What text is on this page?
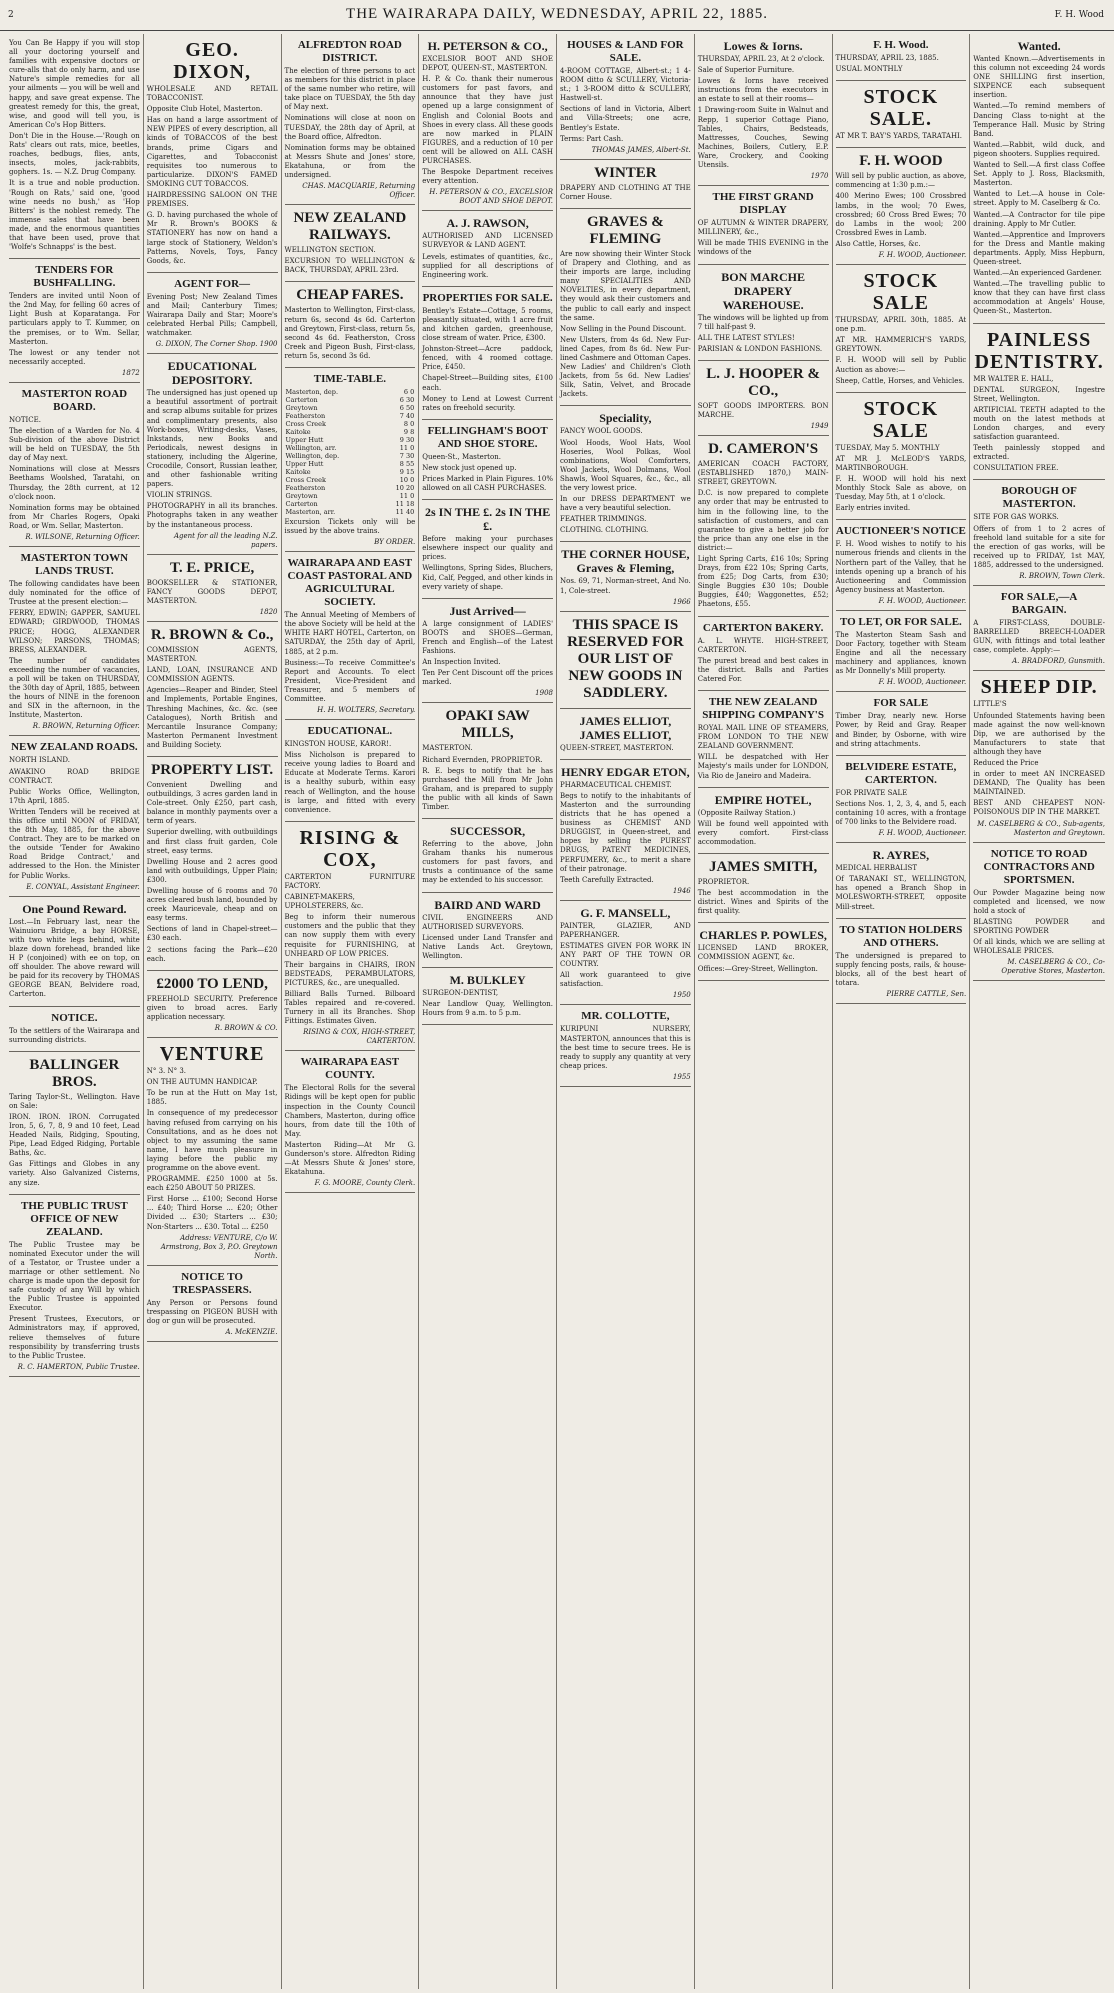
2	THE WAIRARAPA DAILY, WEDNESDAY, APRIL 22, 1885.	F. H. Wood
You Can Be Happy if you will stop all your doctoring yourself and families with expensive doctors or cure-alls that do only harm, and use Nature's simple remedies for all your ailments — you will be well and happy, and save great expense. The greatest remedy for this, the great, wise, and good will tell you, is American Co's Hop Bitters.
Don't Die in the House.—'Rough on Rats' clears out rats, mice, beetles, roaches, bedbugs, flies, ants, insects, moles, jack-rabbits, gophers. 1s. — N.Z. Drug Company.
It is a true and noble production. 'Rough on Rats,' said one, 'good wine needs no bush,' as 'Hop Bitters' is the noblest remedy. The immense sales that have been made, and the enormous quantities that have been used, prove that 'Wolfe's Schnapps' is the best.
TENDERS FOR BUSHFALLING.
Tenders are invited until Noon of the 2nd May, for felling 60 acres of Light Bush at Koparatanga. For particulars apply to T. Kummer, on the premises, or to Wm. Sellar, Masterton.
The lowest or any tender not necessarily accepted.
1872
MASTERTON ROAD BOARD.
NOTICE.
The election of a Warden for No. 4 Sub-division of the above District will be held on TUESDAY, the 5th day of May next.
Nominations will close at Messrs Beethams Woolshed, Taratahi, on Thursday, the 28th current, at 12 o'clock noon.
Nomination forms may be obtained from Mr Charles Rogers, Opaki Road, or Wm. Sellar, Masterton.
R. WILSONE, Returning Officer.
MASTERTON TOWN LANDS TRUST.
The following candidates have been duly nominated for the office of Trustee at the present election:—
FERRY, EDWIN; GAPPER, SAMUEL EDWARD; GIRDWOOD, THOMAS PRICE; HOGG, ALEXANDER WILSON; PARSONS, THOMAS; BRESS, ALEXANDER.
The number of candidates exceeding the number of vacancies, a poll will be taken on THURSDAY, the 30th day of April, 1885, between the hours of NINE in the forenoon and SIX in the afternoon, in the Institute, Masterton.
R. BROWN, Returning Officer.
NEW ZEALAND ROADS.
NORTH ISLAND.
AWAKINO ROAD BRIDGE CONTRACT.
Public Works Office, Wellington, 17th April, 1885.
Written Tenders will be received at this office until NOON of FRIDAY, the 8th May, 1885, for the above Contract. They are to be marked on the outside 'Tender for Awakino Road Bridge Contract,' and addressed to the Hon. the Minister for Public Works.
E. CONYAL, Assistant Engineer.
One Pound Reward.
Lost.—In February last, near the Wainuioru Bridge, a bay HORSE, with two white legs behind, white blaze down forehead, branded like H P (conjoined) with ee on top, on off shoulder. The above reward will be paid for its recovery by THOMAS GEORGE BEAN, Belvidere road, Carterton.
NOTICE.
To the settlers of the Wairarapa and surrounding districts.
BALLINGER BROS.
Taring Taylor-St., Wellington. Have on Sale:
IRON. IRON. IRON. Corrugated Iron, 5, 6, 7, 8, 9 and 10 feet, Lead Headed Nails, Ridging, Spouting, Pipe, Lead Edged Ridging, Portable Baths, &c.
Gas Fittings and Globes in any variety. Also Galvanized Cisterns, any size.
THE PUBLIC TRUST OFFICE OF NEW ZEALAND.
The Public Trustee may be nominated Executor under the will of a Testator, or Trustee under a marriage or other settlement. No charge is made upon the deposit for safe custody of any Will by which the Public Trustee is appointed Executor.
Present Trustees, Executors, or Administrators may, if approved, relieve themselves of future responsibility by transferring trusts to the Public Trustee.
R. C. HAMERTON, Public Trustee.
GEO. DIXON,
WHOLESALE AND RETAIL TOBACCONIST.
Opposite Club Hotel, Masterton.
Has on hand a large assortment of NEW PIPES of every description, all kinds of TOBACCOS of the best brands, prime Cigars and Cigarettes, and Tobacconist requisites too numerous to particularize. DIXON'S FAMED SMOKING CUT TOBACCOS.
HAIRDRESSING SALOON ON THE PREMISES.
G. D. having purchased the whole of Mr R. Brown's BOOKS & STATIONERY has now on hand a large stock of Stationery, Weldon's Patterns, Novels, Toys, Fancy Goods, &c.
AGENT FOR—
Evening Post; New Zealand Times and Mail; Canterbury Times; Wairarapa Daily and Star; Moore's celebrated Herbal Pills; Campbell, watchmaker.
G. DIXON, The Corner Shop. 1900
EDUCATIONAL DEPOSITORY.
The undersigned has just opened up a beautiful assortment of portrait and scrap albums suitable for prizes and complimentary presents, also Work-boxes, Writing-desks, Vases, Inkstands, new Books and Periodicals, newest designs in stationery, including the Algerine, Crocodile, Consort, Russian leather, and other fashionable writing papers.
VIOLIN STRINGS.
PHOTOGRAPHY in all its branches. Photographs taken in any weather by the instantaneous process.
Agent for all the leading N.Z. papers.
T. E. PRICE,
BOOKSELLER & STATIONER, FANCY GOODS DEPOT, MASTERTON.
1820
R. BROWN & Co.,
COMMISSION AGENTS, MASTERTON.
LAND, LOAN, INSURANCE AND COMMISSION AGENTS.
Agencies—Reaper and Binder, Steel and Implements, Portable Engines, Threshing Machines, &c. &c. (see Catalogues), North British and Mercantile Insurance Company; Masterton Permanent Investment and Building Society.
PROPERTY LIST.
Convenient Dwelling and outbuildings, 3 acres garden land in Cole-street. Only £250, part cash, balance in monthly payments over a term of years.
Superior dwelling, with outbuildings and first class fruit garden, Cole street, easy terms.
Dwelling House and 2 acres good land with outbuildings, Upper Plain; £300.
Dwelling house of 6 rooms and 70 acres cleared bush land, bounded by creek Mauricevale, cheap and on easy terms.
Sections of land in Chapel-street—£30 each.
2 sections facing the Park—£20 each.
£2000 TO LEND,
FREEHOLD SECURITY. Preference given to broad acres. Early application necessary.
R. BROWN & CO.
VENTURE
N° 3. N° 3.
ON THE AUTUMN HANDICAP.
To be run at the Hutt on May 1st, 1885.
In consequence of my predecessor having refused from carrying on his Consultations, and as he does not object to my assuming the same name, I have much pleasure in laying before the public my programme on the above event.
PROGRAMME. £250 1000 at 5s. each £250 ABOUT 50 PRIZES.
First Horse ... £100; Second Horse ... £40; Third Horse ... £20; Other Divided ... £30; Starters ... £30; Non-Starters ... £30. Total ... £250
Address: VENTURE, C/o W. Armstrong, Box 3, P.O. Greytown North.
NOTICE TO TRESPASSERS.
Any Person or Persons found trespassing on PIGEON BUSH with dog or gun will be prosecuted.
A. McKENZIE.
ALFREDTON ROAD DISTRICT.
The election of three persons to act as members for this district in place of the same number who retire, will take place on TUESDAY, the 5th day of May next.
Nominations will close at noon on TUESDAY, the 28th day of April, at the Board office, Alfredton.
Nomination forms may be obtained at Messrs Shute and Jones' store, Ekatahuna, or from the undersigned.
CHAS. MACQUARIE, Returning Officer.
NEW ZEALAND RAILWAYS.
WELLINGTON SECTION.
EXCURSION TO WELLINGTON & BACK, THURSDAY, APRIL 23rd.
CHEAP FARES.
Masterton to Wellington, First-class, return 6s, second 4s 6d. Carterton and Greytown, First-class, return 5s, second 4s 6d. Featherston, Cross Creek and Pigeon Bush, First-class, return 5s, second 3s 6d.
TIME-TABLE.
Masterton, dep.	6 0
Carterton	6 30
Greytown	6 50
Featherston	7 40
Cross Creek	8 0
Kaitoke	9 8
Upper Hutt	9 30
Wellington, arr.	11 0
Wellington, dep.	7 30
Upper Hutt	8 55
Kaitoke	9 15
Cross Creek	10 0
Featherston	10 20
Greytown	11 0
Carterton	11 18
Masterton, arr.	11 40
Excursion Tickets only will be issued by the above trains.
BY ORDER.
WAIRARAPA AND EAST COAST PASTORAL AND AGRICULTURAL SOCIETY.
The Annual Meeting of Members of the above Society will be held at the WHITE HART HOTEL, Carterton, on SATURDAY, the 25th day of April, 1885, at 2 p.m.
Business:—To receive Committee's Report and Accounts. To elect President, Vice-President and Treasurer, and 5 members of Committee.
H. H. WOLTERS, Secretary.
EDUCATIONAL.
KINGSTON HOUSE, KAROR!.
Miss Nicholson is prepared to receive young ladies to Board and Educate at Moderate Terms. Karori is a healthy suburb, within easy reach of Wellington, and the house is large, and fitted with every convenience.
RISING & COX,
CARTERTON FURNITURE FACTORY.
CABINET-MAKERS, UPHOLSTERERS, &c.
Beg to inform their numerous customers and the public that they can now supply them with every requisite for FURNISHING, at UNHEARD OF LOW PRICES.
Their bargains in CHAIRS, IRON BEDSTEADS, PERAMBULATORS, PICTURES, &c., are unequalled.
Billiard Balls Turned. Bilboard Tables repaired and re-covered. Turnery in all its Branches. Shop Fittings. Estimates Given.
RISING & COX, HIGH-STREET, CARTERTON.
WAIRARAPA EAST COUNTY.
The Electoral Rolls for the several Ridings will be kept open for public inspection in the County Council Chambers, Masterton, during office hours, from date till the 10th of May.
Masterton Riding—At Mr G. Gunderson's store. Alfredton Riding—At Messrs Shute & Jones' store, Ekatahuna.
F. G. MOORE, County Clerk.
H. PETERSON & CO.,
EXCELSIOR BOOT AND SHOE DEPOT, QUEEN-ST., MASTERTON.
H. P. & Co. thank their numerous customers for past favors, and announce that they have just opened up a large consignment of English and Colonial Boots and Shoes in every class. All these goods are now marked in PLAIN FIGURES, and a reduction of 10 per cent will be allowed on ALL CASH PURCHASES.
The Bespoke Department receives every attention.
H. PETERSON & CO., EXCELSIOR BOOT AND SHOE DEPOT.
A. J. RAWSON,
AUTHORISED AND LICENSED SURVEYOR & LAND AGENT.
Levels, estimates of quantities, &c., supplied for all descriptions of Engineering work.
PROPERTIES FOR SALE.
Bentley's Estate—Cottage, 5 rooms, pleasantly situated, with 1 acre fruit and kitchen garden, greenhouse, close stream of water. Price, £300.
Johnston-Street—Acre paddock, fenced, with 4 roomed cottage. Price, £450.
Chapel-Street—Building sites, £100 each.
Money to Lend at Lowest Current rates on freehold security.
FELLINGHAM'S BOOT AND SHOE STORE.
Queen-St., Masterton.
New stock just opened up.
Prices Marked in Plain Figures. 10% allowed on all CASH PURCHASES.
2s IN THE £. 2s IN THE £.
Before making your purchases elsewhere inspect our quality and prices.
Wellingtons, Spring Sides, Bluchers, Kid, Calf, Pegged, and other kinds in every variety of shape.
Just Arrived—
A large consignment of LADIES' BOOTS and SHOES—German, French and English—of the Latest Fashions.
An Inspection Invited.
Ten Per Cent Discount off the prices marked.
1908
OPAKI SAW MILLS,
MASTERTON.
Richard Evernden, PROPRIETOR.
R. E. begs to notify that he has purchased the Mill from Mr John Graham, and is prepared to supply the public with all kinds of Sawn Timber.
SUCCESSOR,
Referring to the above, John Graham thanks his numerous customers for past favors, and trusts a continuance of the same may be extended to his successor.
BAIRD AND WARD
CIVIL ENGINEERS AND AUTHORISED SURVEYORS.
Licensed under Land Transfer and Native Lands Act. Greytown, Wellington.
M. BULKLEY
SURGEON-DENTIST,
Near Landlow Quay, Wellington. Hours from 9 a.m. to 5 p.m.
HOUSES & LAND FOR SALE.
4-ROOM COTTAGE, Albert-st.; 1 4-ROOM ditto & SCULLERY, Victoria-st.; 1 3-ROOM ditto & SCULLERY, Hastwell-st.
Sections of land in Victoria, Albert and Villa-Streets; one acre, Bentley's Estate.
Terms: Part Cash.
THOMAS JAMES, Albert-St.
WINTER
DRAPERY AND CLOTHING AT THE Corner House.
GRAVES & FLEMING
Are now showing their Winter Stock of Drapery and Clothing, and as their imports are large, including many SPECIALITIES AND NOVELTIES, in every department, they would ask their customers and the public to call early and inspect the same.
Now Selling in the Pound Discount.
New Ulsters, from 4s 6d. New Fur-lined Capes, from 8s 6d. New Fur-lined Cashmere and Ottoman Capes. New Ladies' and Children's Cloth Jackets, from 5s 6d. New Ladies' Silk, Satin, Velvet, and Brocade Jackets.
Speciality,
FANCY WOOL GOODS.
Wool Hoods, Wool Hats, Wool Hoseries, Wool Polkas, Wool combinations, Wool Comforters, Wool Jackets, Wool Dolmans, Wool Shawls, Wool Squares, &c., &c., all the very lowest price.
In our DRESS DEPARTMENT we have a very beautiful selection.
FEATHER TRIMMINGS.
CLOTHING. CLOTHING.
THE CORNER HOUSE, Graves & Fleming,
Nos. 69, 71, Norman-street, And No. 1, Cole-street.
1966
THIS SPACE IS RESERVED FOR OUR LIST OF NEW GOODS IN SADDLERY.
JAMES ELLIOT, JAMES ELLIOT,
QUEEN-STREET, MASTERTON.
HENRY EDGAR ETON,
PHARMACEUTICAL CHEMIST.
Begs to notify to the inhabitants of Masterton and the surrounding districts that he has opened a business as CHEMIST AND DRUGGIST, in Queen-street, and hopes by selling the PUREST DRUGS, PATENT MEDICINES, PERFUMERY, &c., to merit a share of their patronage.
Teeth Carefully Extracted.
1946
G. F. MANSELL,
PAINTER, GLAZIER, AND PAPERHANGER.
ESTIMATES GIVEN FOR WORK IN ANY PART OF THE TOWN OR COUNTRY.
All work guaranteed to give satisfaction.
1950
MR. COLLOTTE,
KURIPUNI NURSERY, MASTERTON, announces that this is the best time to secure trees. He is ready to supply any quantity at very cheap prices.
1955
Lowes & Iorns.
THURSDAY, APRIL 23, At 2 o'clock.
Sale of Superior Furniture.
Lowes & Iorns have received instructions from the executors in an estate to sell at their rooms—
1 Drawing-room Suite in Walnut and Repp, 1 superior Cottage Piano, Tables, Chairs, Bedsteads, Mattresses, Couches, Sewing Machines, Boilers, Cutlery, E.P. Ware, Crockery, and Cooking Utensils.
1970
THE FIRST GRAND DISPLAY
OF AUTUMN & WINTER DRAPERY, MILLINERY, &c.,
Will be made THIS EVENING in the windows of the
BON MARCHE DRAPERY WAREHOUSE.
The windows will be lighted up from 7 till half-past 9.
ALL THE LATEST STYLES!
PARISIAN & LONDON FASHIONS.
L. J. HOOPER & CO.,
SOFT GOODS IMPORTERS. BON MARCHE.
1949
D. CAMERON'S
AMERICAN COACH FACTORY, (ESTABLISHED 1870,) MAIN-STREET, GREYTOWN.
D.C. is now prepared to complete any order that may be entrusted to him in the following line, to the satisfaction of customers, and can guarantee to give a better job for the price than any one else in the district:—
Light Spring Carts, £16 10s; Spring Drays, from £22 10s; Spring Carts, from £25; Dog Carts, from £30; Single Buggies £30 10s; Double Buggies, £40; Waggonettes, £52; Phaetons, £55.
CARTERTON BAKERY.
A. L. WHYTE. HIGH-STREET, CARTERTON.
The purest bread and best cakes in the district. Balls and Parties Catered For.
THE NEW ZEALAND SHIPPING COMPANY'S
ROYAL MAIL LINE OF STEAMERS, FROM LONDON TO THE NEW ZEALAND GOVERNMENT.
WILL be despatched with Her Majesty's mails under for LONDON, Via Rio de Janeiro and Madeira.
EMPIRE HOTEL,
(Opposite Railway Station.)
Will be found well appointed with every comfort. First-class accommodation.
JAMES SMITH,
PROPRIETOR.
The best accommodation in the district. Wines and Spirits of the first quality.
CHARLES P. POWLES,
LICENSED LAND BROKER, COMMISSION AGENT, &c.
Offices:—Grey-Street, Wellington.
F. H. Wood.
THURSDAY, APRIL 23, 1885.
USUAL MONTHLY
STOCK SALE.
AT MR T. BAY'S YARDS, TARATAHI.
F. H. WOOD
Will sell by public auction, as above, commencing at 1:30 p.m.:—
400 Merino Ewes; 100 Crossbred lambs, in the wool; 70 Ewes, crossbred; 60 Cross Bred Ewes; 70 do Lambs in the wool; 200 Crossbred Ewes in Lamb.
Also Cattle, Horses, &c.
F. H. WOOD, Auctioneer.
STOCK SALE
THURSDAY, APRIL 30th, 1885. At one p.m.
AT MR. HAMMERICH'S YARDS, GREYTOWN.
F. H. WOOD will sell by Public Auction as above:—
Sheep, Cattle, Horses, and Vehicles.
STOCK SALE
TUESDAY, May 5. MONTHLY
AT MR J. McLEOD'S YARDS, MARTINBOROUGH.
F. H. WOOD will hold his next Monthly Stock Sale as above, on Tuesday, May 5th, at 1 o'clock.
Early entries invited.
AUCTIONEER'S NOTICE
F. H. Wood wishes to notify to his numerous friends and clients in the Northern part of the Valley, that he intends opening up a branch of his Auctioneering and Commission Agency business at Masterton.
F. H. WOOD, Auctioneer.
TO LET, OR FOR SALE.
The Masterton Steam Sash and Door Factory, together with Steam Engine and all the necessary machinery and appliances, known as Mr Donnelly's Mill property.
F. H. WOOD, Auctioneer.
FOR SALE
Timber Dray, nearly new. Horse Power, by Reid and Gray. Reaper and Binder, by Osborne, with wire and string attachments.
BELVIDERE ESTATE, CARTERTON.
FOR PRIVATE SALE
Sections Nos. 1, 2, 3, 4, and 5, each containing 10 acres, with a frontage of 700 links to the Belvidere road.
F. H. WOOD, Auctioneer.
R. AYRES,
MEDICAL HERBALIST
Of TARANAKI ST., WELLINGTON, has opened a Branch Shop in MOLESWORTH-STREET, opposite Mill-street.
TO STATION HOLDERS AND OTHERS.
The undersigned is prepared to supply fencing posts, rails, & house-blocks, all of the best heart of totara.
PIERRE CATTLE, Sen.
Wanted.
Wanted Known.—Advertisements in this column not exceeding 24 words ONE SHILLING first insertion, SIXPENCE each subsequent insertion.
Wanted.—To remind members of Dancing Class to-night at the Temperance Hall. Music by String Band.
Wanted.—Rabbit, wild duck, and pigeon shooters. Supplies required.
Wanted to Sell.—A first class Coffee Set. Apply to J. Ross, Blacksmith, Masterton.
Wanted to Let.—A house in Cole-street. Apply to M. Caselberg & Co.
Wanted.—A Contractor for tile pipe draining. Apply to Mr Cutler.
Wanted.—Apprentice and Improvers for the Dress and Mantle making departments. Apply, Miss Hepburn, Queen-street.
Wanted.—An experienced Gardener.
Wanted.—The travelling public to know that they can have first class accommodation at Angels' House, Queen-St., Masterton.
PAINLESS DENTISTRY.
MR WALTER E. HALL,
DENTAL SURGEON, Ingestre Street, Wellington.
ARTIFICIAL TEETH adapted to the mouth on the latest methods at London charges, and every satisfaction guaranteed.
Teeth painlessly stopped and extracted.
CONSULTATION FREE.
BOROUGH OF MASTERTON.
SITE FOR GAS WORKS.
Offers of from 1 to 2 acres of freehold land suitable for a site for the erection of gas works, will be received up to FRIDAY, 1st MAY, 1885, addressed to the undersigned.
R. BROWN, Town Clerk.
FOR SALE,—A BARGAIN.
A FIRST-CLASS, DOUBLE-BARRELLED BREECH-LOADER GUN, with fittings and total leather case, complete. Apply:—
A. BRADFORD, Gunsmith.
SHEEP DIP.
LITTLE'S
Unfounded Statements having been made against the now well-known Dip, we are authorised by the Manufacturers to state that although they have
Reduced the Price
in order to meet AN INCREASED DEMAND, The Quality has been MAINTAINED.
BEST AND CHEAPEST NON-POISONOUS DIP IN THE MARKET.
M. CASELBERG & CO., Sub-agents, Masterton and Greytown.
NOTICE TO ROAD CONTRACTORS AND SPORTSMEN.
Our Powder Magazine being now completed and licensed, we now hold a stock of
BLASTING POWDER and SPORTING POWDER
Of all kinds, which we are selling at WHOLESALE PRICES.
M. CASELBERG & CO., Co-Operative Stores, Masterton.
